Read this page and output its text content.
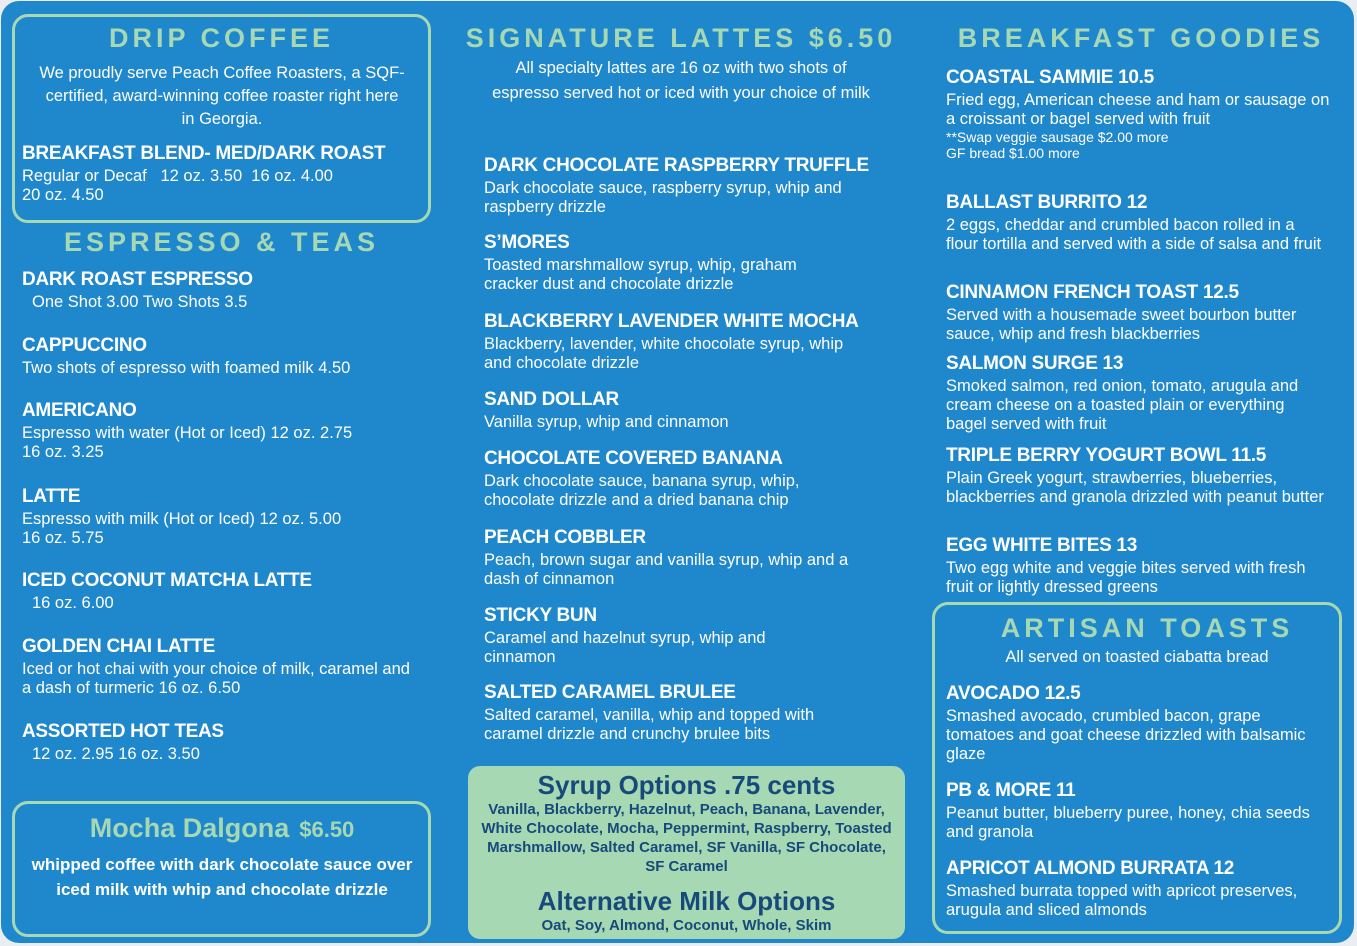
DRIP COFFEE
We proudly serve Peach Coffee Roasters, a SQF-certified, award-winning coffee roaster right here in Georgia.
BREAKFAST BLEND- MED/DARK ROAST
Regular or Decaf   12 oz. 3.50  16 oz. 4.00
20 oz. 4.50
ESPRESSO & TEAS
DARK ROAST ESPRESSO
One Shot 3.00 Two Shots 3.5
CAPPUCCINO
Two shots of espresso with foamed milk 4.50
AMERICANO
Espresso with water (Hot or Iced) 12 oz. 2.75
16 oz. 3.25
LATTE
Espresso with milk (Hot or Iced) 12 oz. 5.00
16 oz. 5.75
ICED COCONUT MATCHA LATTE
16 oz. 6.00
GOLDEN CHAI LATTE
Iced or hot chai with your choice of milk, caramel and a dash of turmeric 16 oz. 6.50
ASSORTED HOT TEAS
12 oz. 2.95 16 oz. 3.50
Mocha Dalgona $6.50
whipped coffee with dark chocolate sauce over iced milk with whip and chocolate drizzle
SIGNATURE LATTES $6.50
All specialty lattes are 16 oz with two shots of espresso served hot or iced with your choice of milk
DARK CHOCOLATE RASPBERRY TRUFFLE
Dark chocolate sauce, raspberry syrup, whip and raspberry drizzle
S’MORES
Toasted marshmallow syrup, whip, graham cracker dust and chocolate drizzle
BLACKBERRY LAVENDER WHITE MOCHA
Blackberry, lavender, white chocolate syrup, whip and chocolate drizzle
SAND DOLLAR
Vanilla syrup, whip and cinnamon
CHOCOLATE COVERED BANANA
Dark chocolate sauce, banana syrup, whip, chocolate drizzle and a dried banana chip
PEACH COBBLER
Peach, brown sugar and vanilla syrup, whip and a dash of cinnamon
STICKY BUN
Caramel and hazelnut syrup, whip and cinnamon
SALTED CARAMEL BRULEE
Salted caramel, vanilla, whip and topped with caramel drizzle and crunchy brulee bits
Syrup Options .75 cents
Vanilla, Blackberry, Hazelnut, Peach, Banana, Lavender, White Chocolate, Mocha, Peppermint, Raspberry, Toasted Marshmallow, Salted Caramel, SF Vanilla, SF Chocolate, SF Caramel
Alternative Milk Options
Oat, Soy, Almond, Coconut, Whole, Skim
BREAKFAST GOODIES
COASTAL SAMMIE 10.5
Fried egg, American cheese and ham or sausage on a croissant or bagel served with fruit
**Swap veggie sausage $2.00 more
GF bread $1.00 more
BALLAST BURRITO 12
2 eggs, cheddar and crumbled bacon rolled in a flour tortilla and served with a side of salsa and fruit
CINNAMON FRENCH TOAST 12.5
Served with a housemade sweet bourbon butter sauce, whip and fresh blackberries
SALMON SURGE 13
Smoked salmon, red onion, tomato, arugula and cream cheese on a toasted plain or everything bagel served with fruit
TRIPLE BERRY YOGURT BOWL 11.5
Plain Greek yogurt, strawberries, blueberries, blackberries and granola drizzled with peanut butter
EGG WHITE BITES 13
Two egg white and veggie bites served with fresh fruit or lightly dressed greens
ARTISAN TOASTS
All served on toasted ciabatta bread
AVOCADO 12.5
Smashed avocado, crumbled bacon, grape tomatoes and goat cheese drizzled with balsamic glaze
PB & MORE 11
Peanut butter, blueberry puree, honey, chia seeds and granola
APRICOT ALMOND BURRATA 12
Smashed burrata topped with apricot preserves, arugula and sliced almonds
